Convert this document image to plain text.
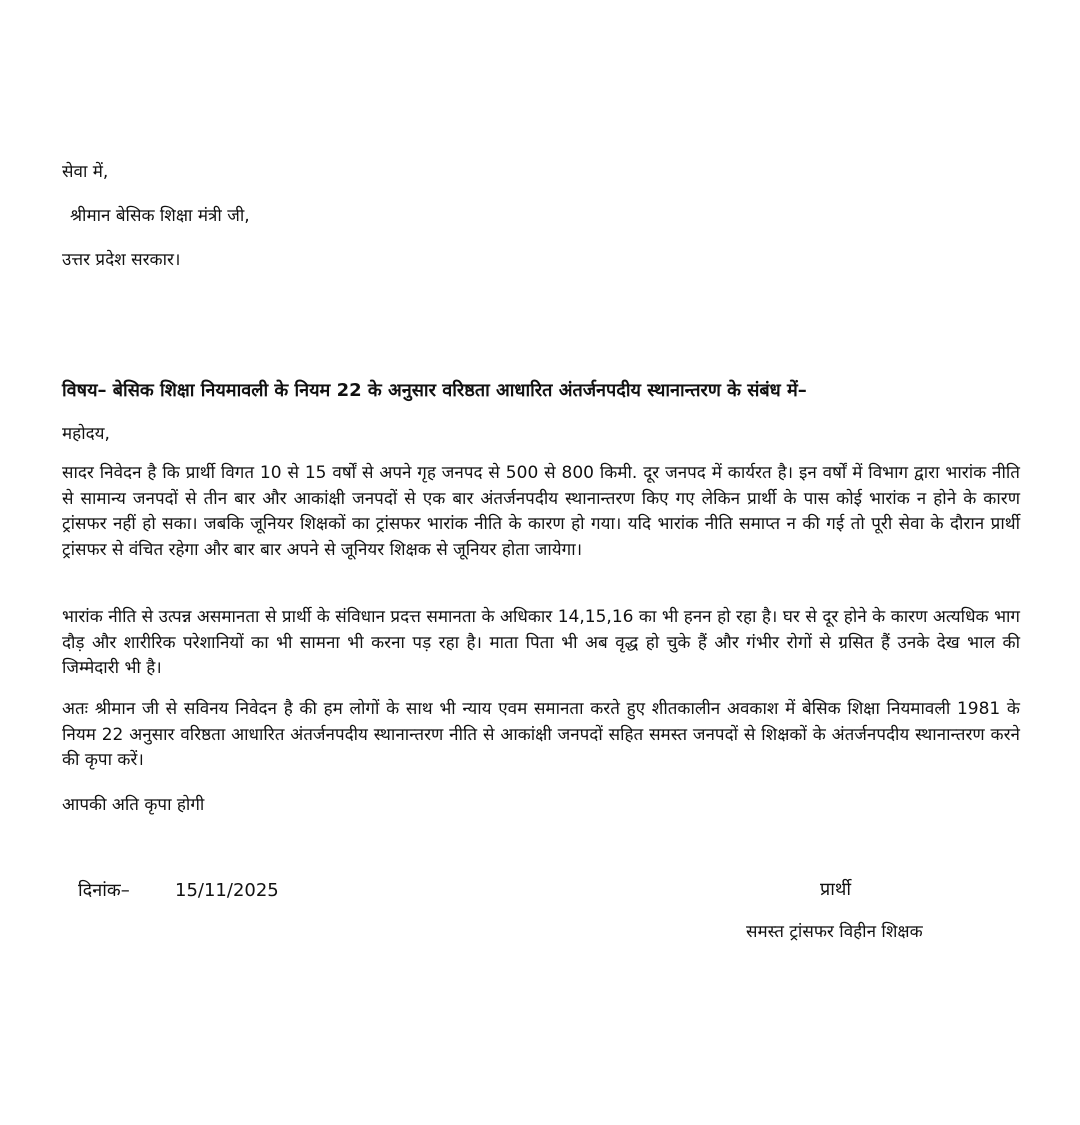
सेवा में,

श्रीमान बेसिक शिक्षा मंत्री जी,

उत्तर प्रदेश सरकार।

विषय– बेसिक शिक्षा नियमावली के नियम 22 के अनुसार वरिष्ठता आधारित अंतर्जनपदीय स्थानान्तरण के संबंध में–

महोदय,

सादर निवेदन है कि प्रार्थी विगत 10 से 15 वर्षों से अपने गृह जनपद से 500 से 800 किमी. दूर जनपद में कार्यरत है। इन वर्षों में विभाग द्वारा भारांक नीति से सामान्य जनपदों से तीन बार और आकांक्षी जनपदों से एक बार अंतर्जनपदीय स्थानान्तरण किए गए लेकिन प्रार्थी के पास कोई भारांक न होने के कारण ट्रांसफर नहीं हो सका। जबकि जूनियर शिक्षकों का ट्रांसफर भारांक नीति के कारण हो गया। यदि भारांक नीति समाप्त न की गई तो पूरी सेवा के दौरान प्रार्थी ट्रांसफर से वंचित रहेगा और बार बार अपने से जूनियर शिक्षक से जूनियर होता जायेगा।

भारांक नीति से उत्पन्न असमानता से प्रार्थी के संविधान प्रदत्त समानता के अधिकार 14,15,16 का भी हनन हो रहा है। घर से दूर होने के कारण अत्यधिक भाग दौड़ और शारीरिक परेशानियों का भी सामना भी करना पड़ रहा है। माता पिता भी अब वृद्ध हो चुके हैं और गंभीर रोगों से ग्रसित हैं उनके देख भाल की जिम्मेदारी भी है।

अतः श्रीमान जी से सविनय निवेदन है की हम लोगों के साथ भी न्याय एवम समानता करते हुए शीतकालीन अवकाश में बेसिक शिक्षा नियमावली 1981 के नियम 22 अनुसार वरिष्ठता आधारित अंतर्जनपदीय स्थानान्तरण नीति से आकांक्षी जनपदों सहित समस्त जनपदों से शिक्षकों के अंतर्जनपदीय स्थानान्तरण करने की कृपा करें।

आपकी अति कृपा होगी

दिनांक–	15/11/2025	प्रार्थी

समस्त ट्रांसफर विहीन शिक्षक
